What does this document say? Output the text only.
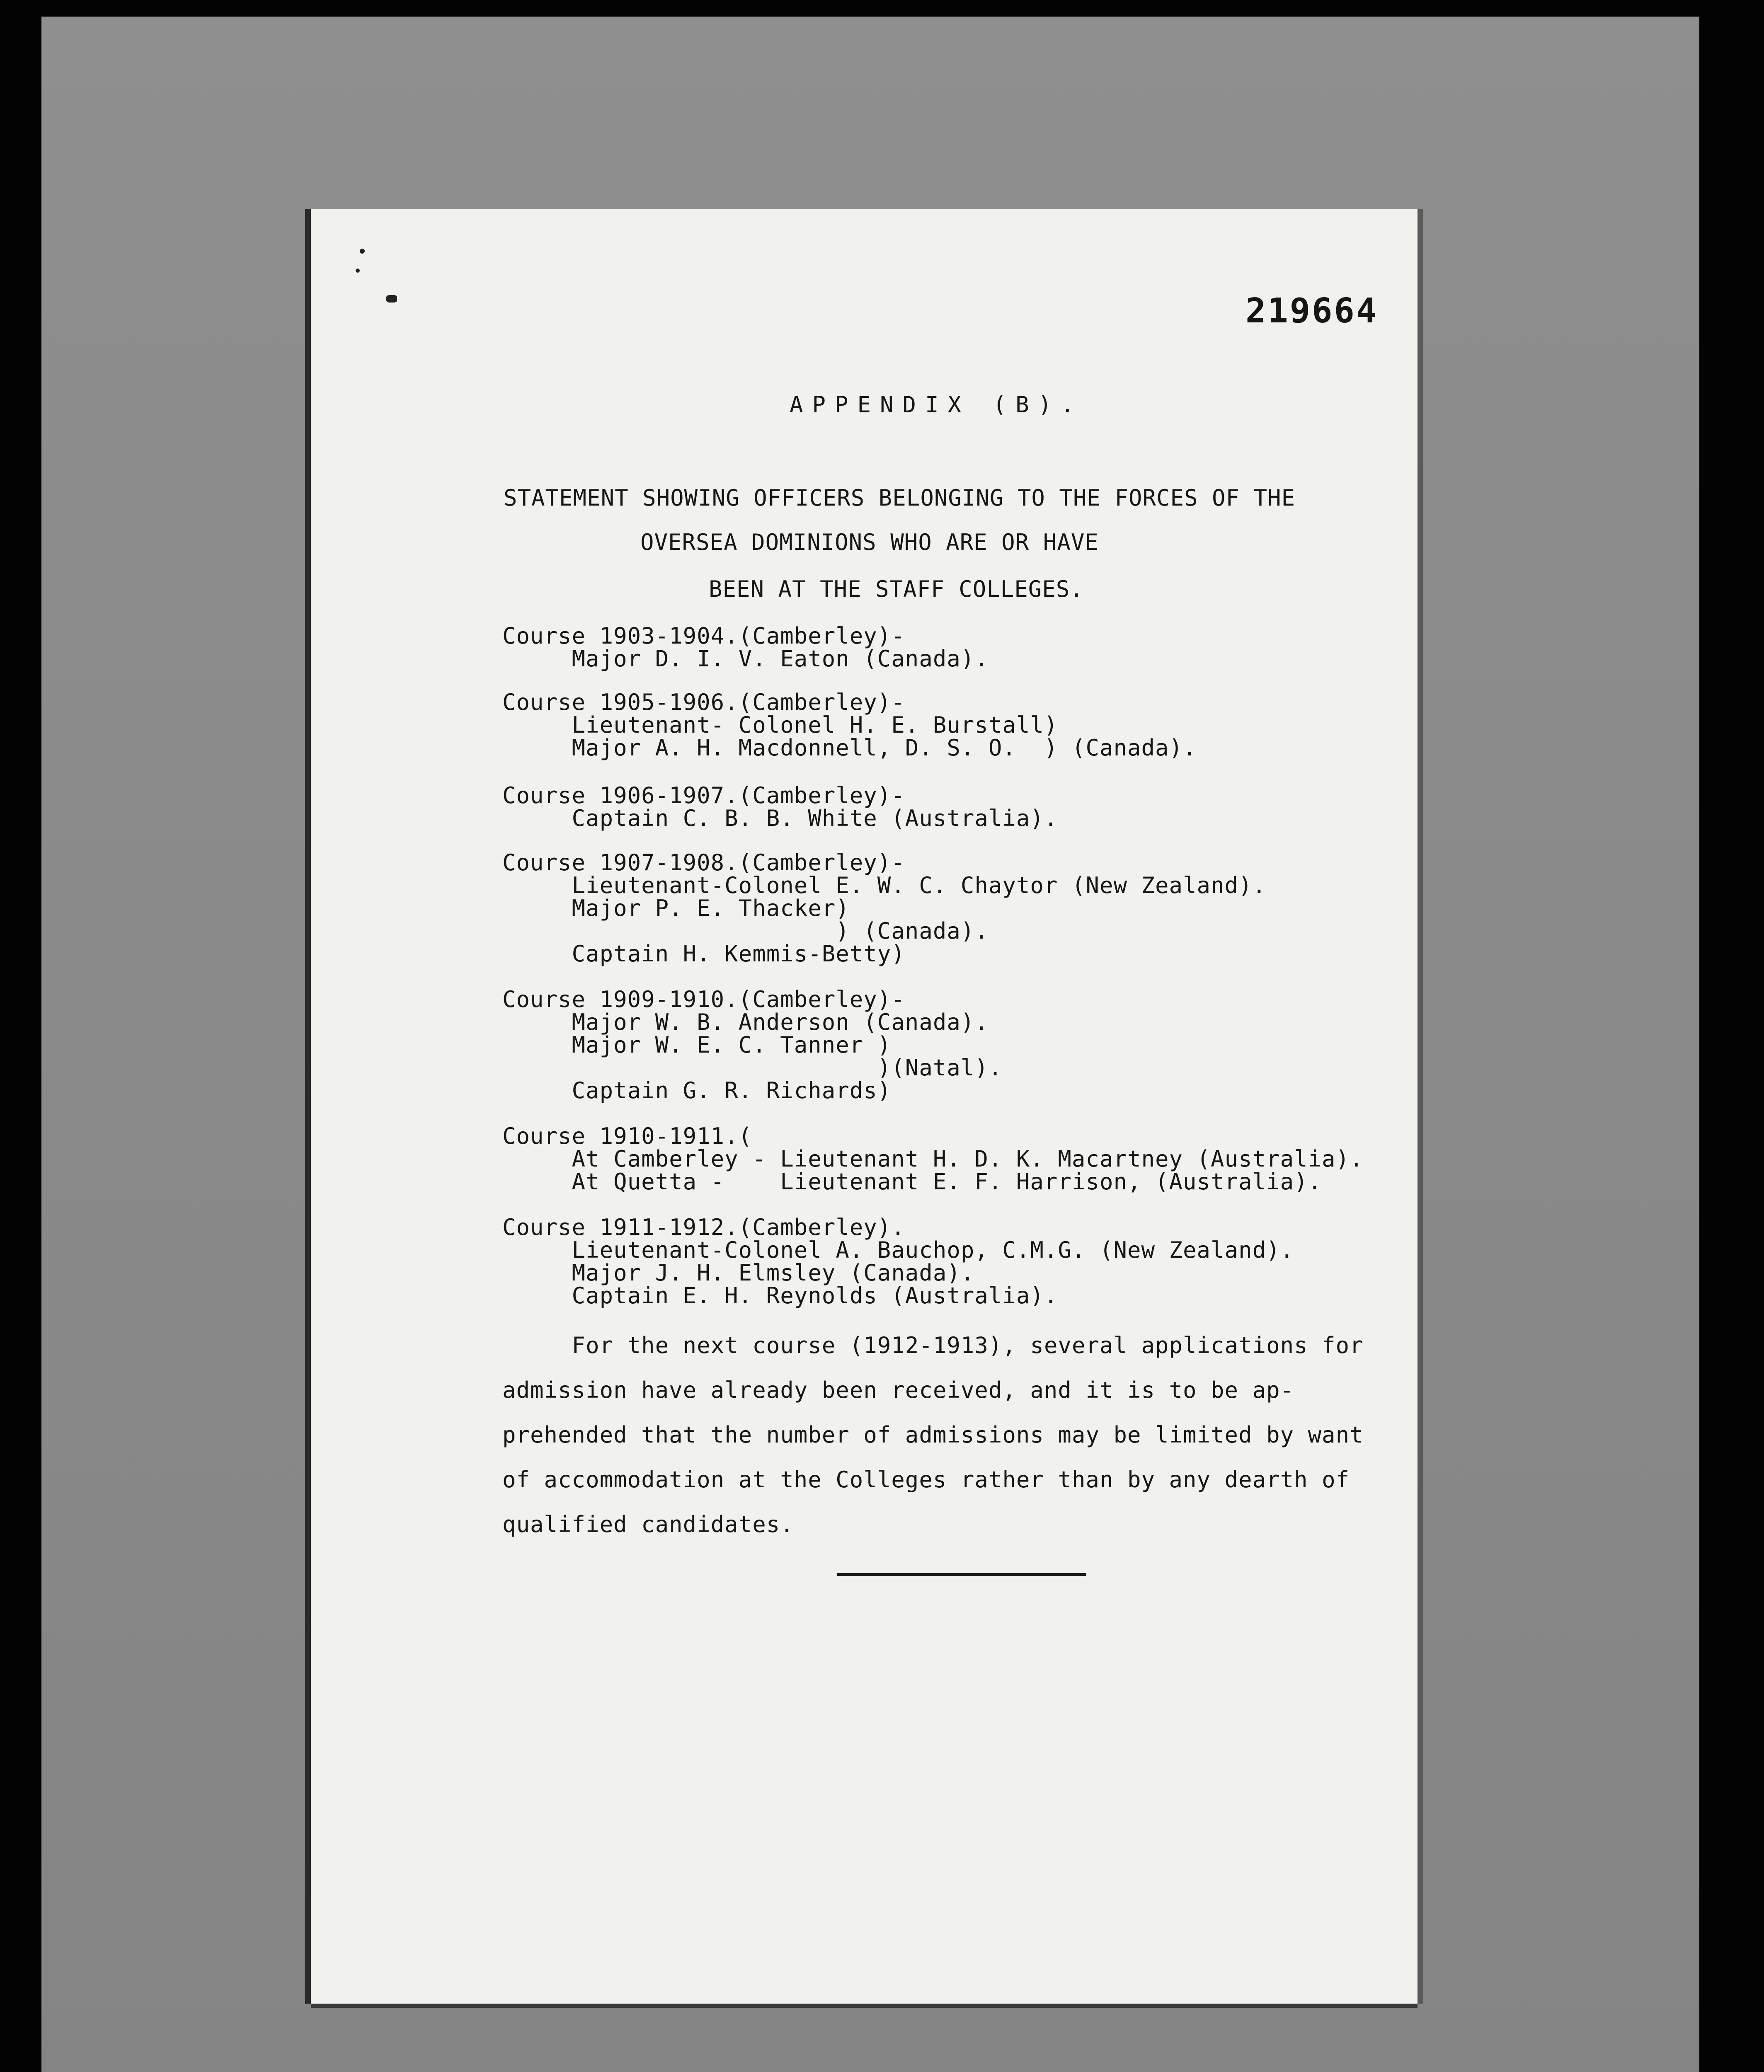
219664
APPENDIX (B).
STATEMENT SHOWING OFFICERS BELONGING TO THE FORCES OF THE
OVERSEA DOMINIONS WHO ARE OR HAVE
BEEN AT THE STAFF COLLEGES.
Course 1903-1904.(Camberley)-
Major D. I. V. Eaton (Canada).
Course 1905-1906.(Camberley)-
Lieutenant- Colonel H. E. Burstall)
Major A. H. Macdonnell, D. S. O.  ) (Canada).
Course 1906-1907.(Camberley)-
Captain C. B. B. White (Australia).
Course 1907-1908.(Camberley)-
Lieutenant-Colonel E. W. C. Chaytor (New Zealand).
Major P. E. Thacker)
) (Canada).
Captain H. Kemmis-Betty)
Course 1909-1910.(Camberley)-
Major W. B. Anderson (Canada).
Major W. E. C. Tanner )
)(Natal).
Captain G. R. Richards)
Course 1910-1911.(
At Camberley - Lieutenant H. D. K. Macartney (Australia).
At Quetta -    Lieutenant E. F. Harrison, (Australia).
Course 1911-1912.(Camberley).
Lieutenant-Colonel A. Bauchop, C.M.G. (New Zealand).
Major J. H. Elmsley (Canada).
Captain E. H. Reynolds (Australia).
For the next course (1912-1913), several applications for
admission have already been received, and it is to be ap-
prehended that the number of admissions may be limited by want
of accommodation at the Colleges rather than by any dearth of
qualified candidates.
